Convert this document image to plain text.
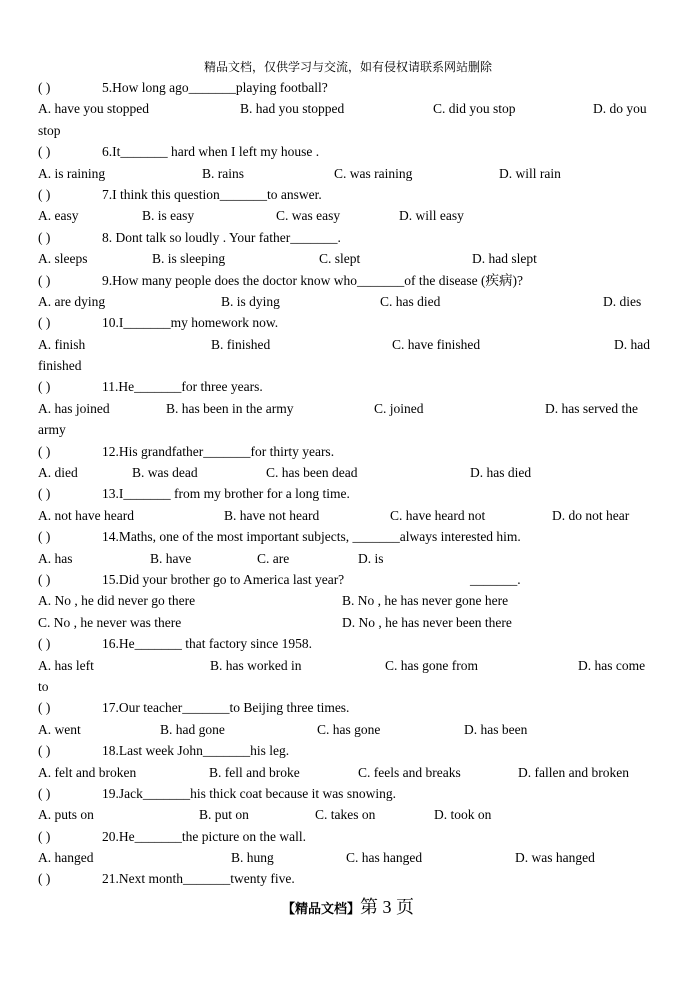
精品文档，仅供学习与交流，如有侵权请联系网站删除
( )	5.How long ago_______playing football?
A. have you stopped	B. had you stopped	C. did you stop	D. do you
stop
( )	6.It_______ hard when I left my house .
A. is raining	B. rains	C. was raining	D. will rain
( )	7.I think this question_______to answer.
A. easy	B. is easy	C. was easy	D. will easy
( )	8. Dont talk so loudly . Your father_______.
A. sleeps	B. is sleeping	C. slept	D. had slept
( )	9.How many people does the doctor know who_______of the disease (疾病)?
A. are dying	B. is dying	C. has died	D. dies
( )	10.I_______my homework now.
A. finish	B. finished	C. have finished	D. had
finished
( )	11.He_______for three years.
A. has joined	B. has been in the army	C. joined	D. has served the
army
( )	12.His grandfather_______for thirty years.
A. died	B. was dead	C. has been dead	D. has died
( )	13.I_______ from my brother for a long time.
A. not have heard	B. have not heard	C. have heard not	D. do not hear
( )	14.Maths, one of the most important subjects, _______always interested him.
A. has	B. have	C. are	D. is
( )	15.Did your brother go to America last year?	_______.
A. No , he did never go there	B. No , he has never gone here
C. No , he never was there	D. No , he has never been there
( )	16.He_______ that factory since 1958.
A. has left	B. has worked in	C. has gone from	D. has come
to
( )	17.Our teacher_______to Beijing three times.
A. went	B. had gone	C. has gone	D. has been
( )	18.Last week John_______his leg.
A. felt and broken	B. fell and broke	C. feels and breaks	D. fallen and broken
( )	19.Jack_______his thick coat because it was snowing.
A. puts on	B. put on	C. takes on	D. took on
( )	20.He_______the picture on the wall.
A. hanged	B. hung	C. has hanged	D. was hanged
( )	21.Next month_______twenty five.
【精品文档】第 3 页
